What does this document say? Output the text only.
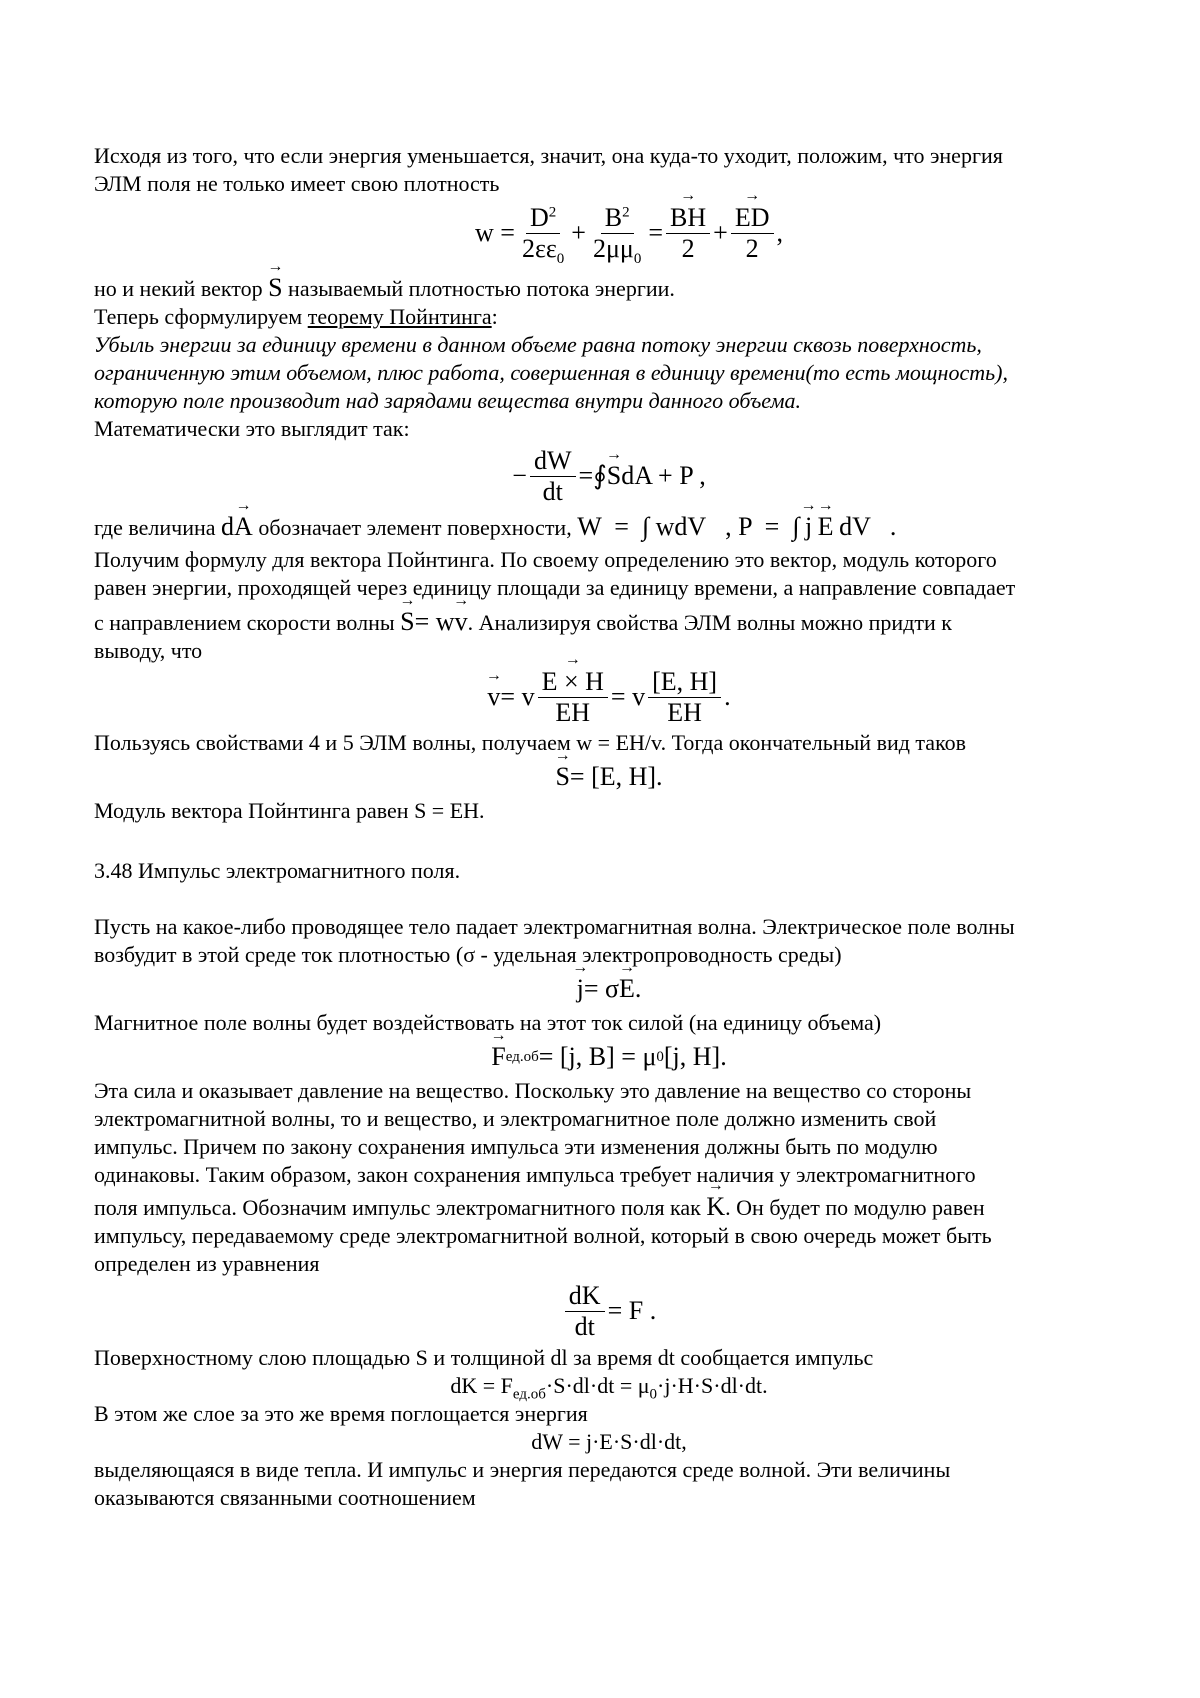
Исходя из того, что если энергия уменьшается, значит, она куда-то уходит, положим, что энергия

ЭЛМ поля не только имеет свою плотность

$w = \frac{D^2}{2\varepsilon\varepsilon_0} + \frac{B^2}{2\mu\mu_0}$ =
→ $\frac{BH}{2}$ +
→ $\frac{ED}{2}$ ,

но и некий вектор → S называемый плотностью потока энергии.

Теперь сформулируем теорему Пойнтинга:

Убыль энергии за единицу времени в данном объеме равна потоку энергии сквозь поверхность,

ограниченную этим объемом, плюс работа, совершенная в единицу времени(то есть мощность),

которую поле производит над зарядами вещества внутри данного объема.

Математически это выглядит так:

− $\frac{dW}{dt}$ = ∮
→ S dA + P ,

где величина d→ A обозначает элемент поверхности, W  =  ∫ wdV   , P  =  ∫ → j → E dV   .

Получим формулу для вектора Пойнтинга. По своему определению это вектор, модуль которого

равен энергии, проходящей через единицу площади за единицу времени, а направление совпадает

с направлением скорости волны → S= w→ v. Анализируя свойства ЭЛМ волны можно придти к

выводу, что

→ v = v
→ $\frac{E \times H}{EH} = v \frac{[E, H]}{EH}$ .

Пользуясь свойствами 4 и 5 ЭЛМ волны, получаем w = EH/v. Тогда окончательный вид таков

→ S = [E, H].

Модуль вектора Пойнтинга равен S = EH.

3.48 Импульс электромагнитного поля.

Пусть на какое-либо проводящее тело падает электромагнитная волна. Электрическое поле волны

возбудит в этой среде ток плотностью (σ - удельная электропроводность среды)

→ j = σ
→ E .

Магнитное поле волны будет воздействовать на этот ток силой (на единицу объема)

→ F ед.об = [j, B] = μ 0 [j, H].

Эта сила и оказывает давление на вещество. Поскольку это давление на вещество со стороны

электромагнитной волны, то и вещество, и электромагнитное поле должно изменить свой

импульс. Причем по закону сохранения импульса эти изменения должны быть по модулю

одинаковы. Таким образом, закон сохранения импульса требует наличия у электромагнитного

поля импульса. Обозначим импульс электромагнитного поля как → K. Он будет по модулю равен

импульсу, передаваемому среде электромагнитной волной, который в свою очередь может быть

определен из уравнения

$\frac{dK}{dt} = F$ .

Поверхностному слою площадью S и толщиной dl за время dt сообщается импульс

dK = $F_{ед.об}\cdot S\cdot dl\cdot dt = \mu_0\cdot j\cdot H\cdot S\cdot dl\cdot dt$.

В этом же слое за это же время поглощается энергия

dW = j·E·S·dl·dt,

выделяющаяся в виде тепла. И импульс и энергия передаются среде волной. Эти величины

оказываются связанными соотношением
